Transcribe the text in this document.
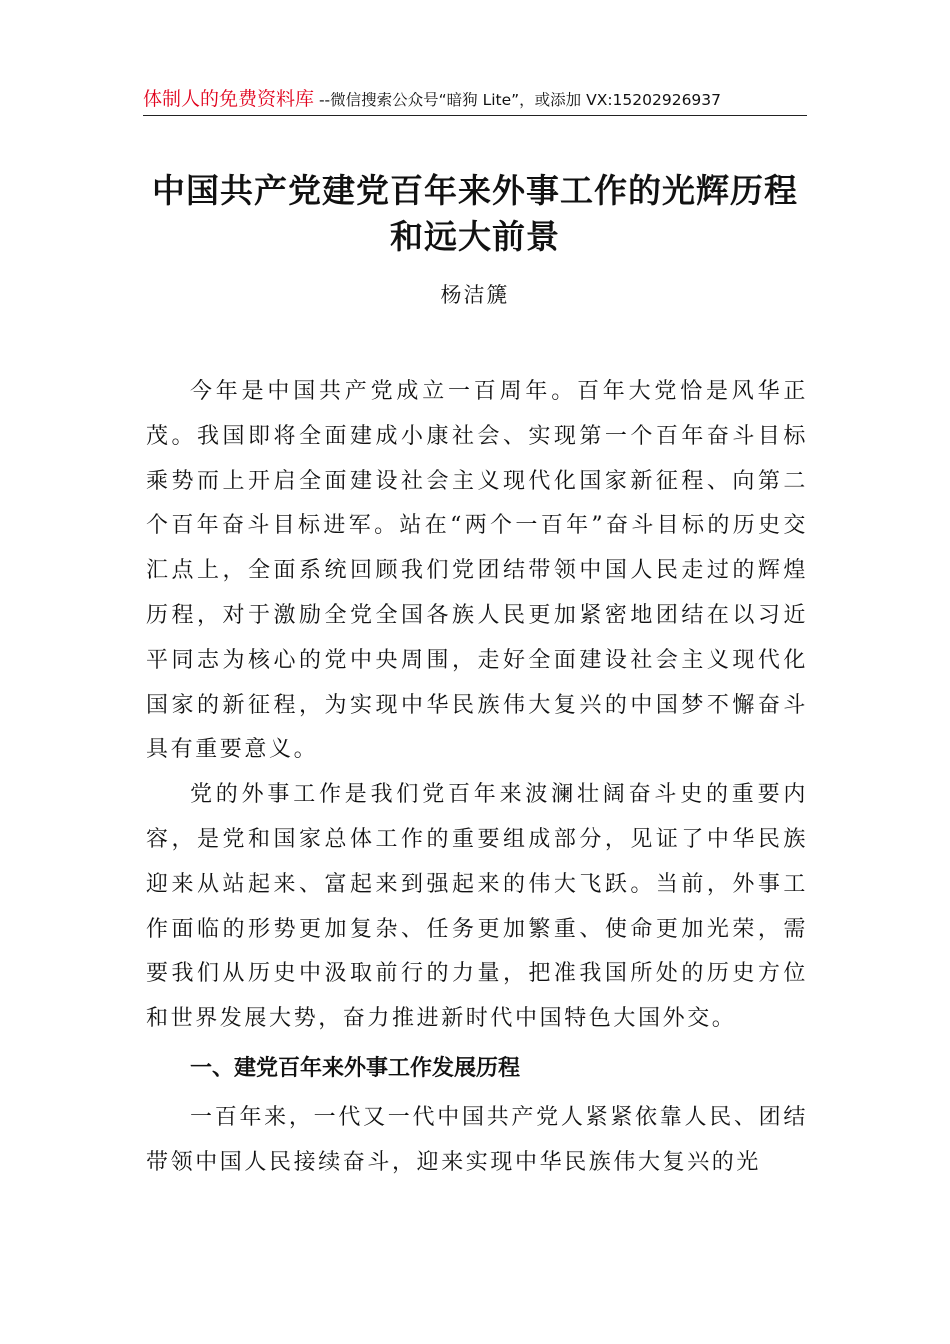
体制人的免费资料库 --微信搜索公众号“暗狗 Lite”，或添加 VX:15202926937
中国共产党建党百年来外事工作的光辉历程和远大前景
杨洁篪

今年是中国共产党成立一百周年。百年大党恰是风华正茂。我国即将全面建成小康社会、实现第一个百年奋斗目标乘势而上开启全面建设社会主义现代化国家新征程、向第二个百年奋斗目标进军。站在“两个一百年”奋斗目标的历史交汇点上，全面系统回顾我们党团结带领中国人民走过的辉煌历程，对于激励全党全国各族人民更加紧密地团结在以习近平同志为核心的党中央周围，走好全面建设社会主义现代化国家的新征程，为实现中华民族伟大复兴的中国梦不懈奋斗具有重要意义。

党的外事工作是我们党百年来波澜壮阔奋斗史的重要内容，是党和国家总体工作的重要组成部分，见证了中华民族迎来从站起来、富起来到强起来的伟大飞跃。当前，外事工作面临的形势更加复杂、任务更加繁重、使命更加光荣，需要我们从历史中汲取前行的力量，把准我国所处的历史方位和世界发展大势，奋力推进新时代中国特色大国外交。

一、建党百年来外事工作发展历程

一百年来，一代又一代中国共产党人紧紧依靠人民、团结带领中国人民接续奋斗，迎来实现中华民族伟大复兴的光
